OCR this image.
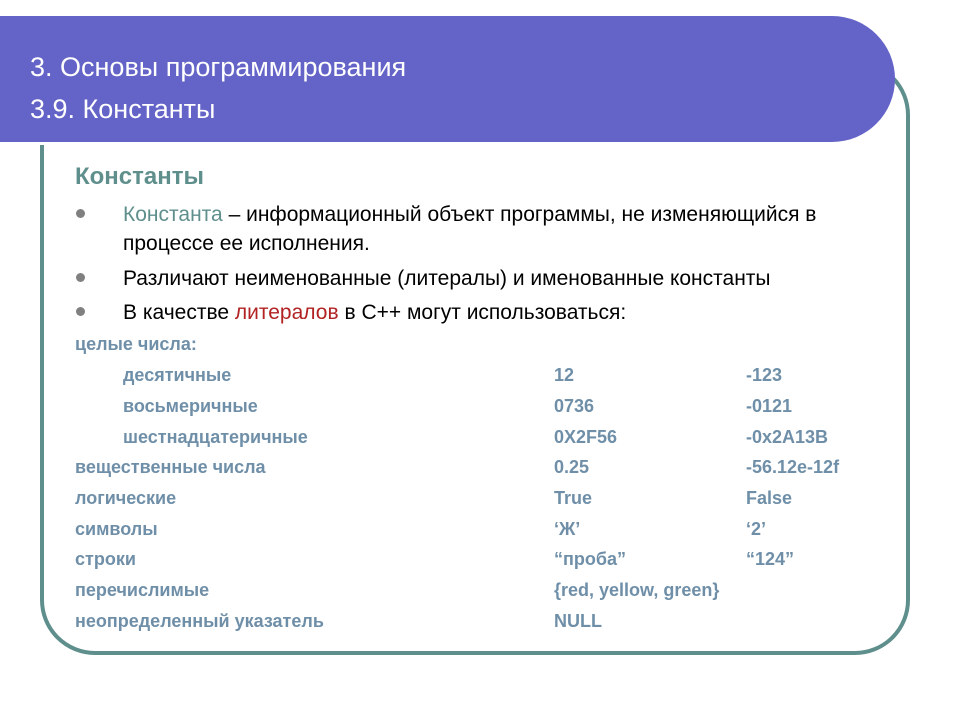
3. Основы программирования
3.9. Константы
Константы
Константа – информационный объект программы, не изменяющийся в процессе ее исполнения.
Различают неименованные (литералы) и именованные константы
В качестве литералов в С++ могут использоваться:
целые числа:
десятичные	12	-123
восьмеричные	0736	-0121
шестнадцатеричные	0X2F56	-0x2A13B
вещественные числа	0.25	-56.12e-12f
логические	True	False
символы	‘Ж’	‘2’
строки	“проба”	“124”
перечислимые	{red, yellow, green}
неопределенный указатель	NULL
